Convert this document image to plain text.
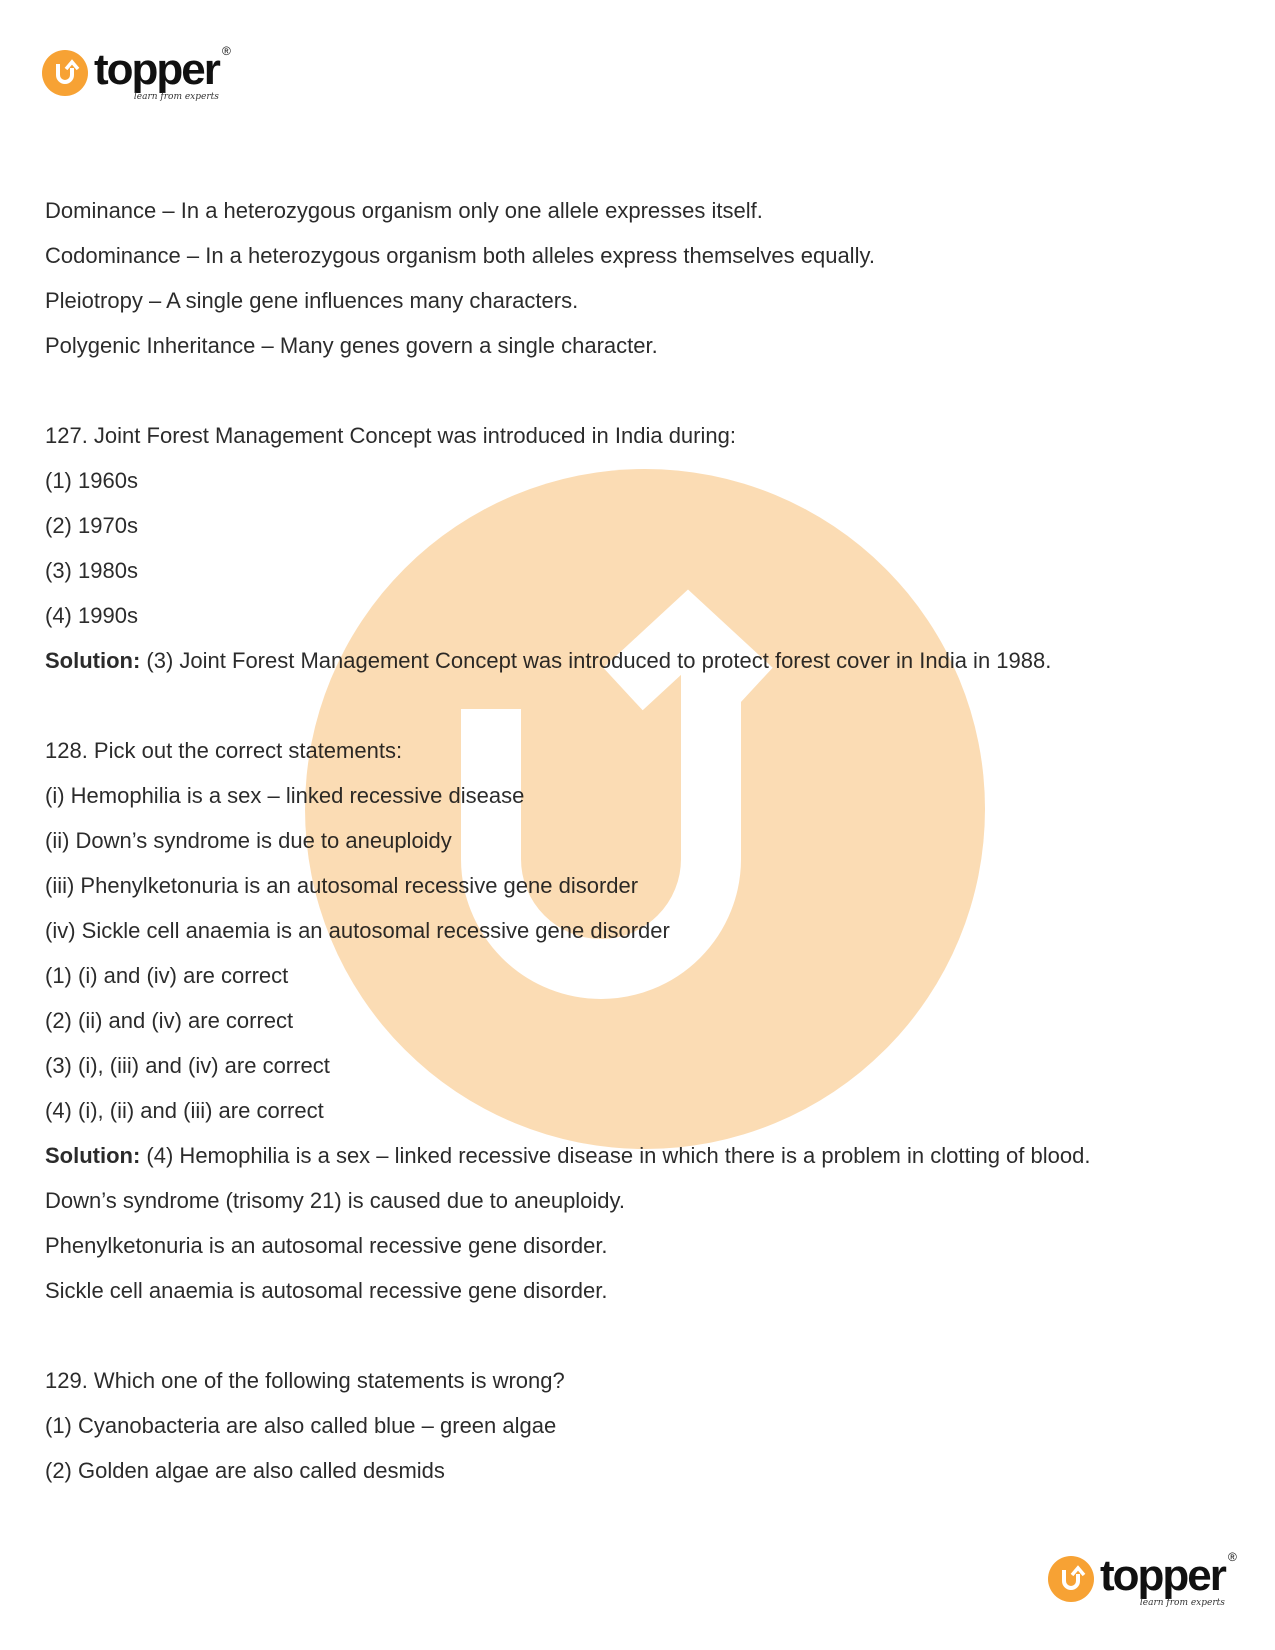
topper ®
learn from experts

Dominance – In a heterozygous organism only one allele expresses itself.

Codominance – In a heterozygous organism both alleles express themselves equally.

Pleiotropy – A single gene influences many characters.

Polygenic Inheritance – Many genes govern a single character.

127. Joint Forest Management Concept was introduced in India during:

(1) 1960s

(2) 1970s

(3) 1980s

(4) 1990s

Solution: (3) Joint Forest Management Concept was introduced to protect forest cover in India in 1988.

128. Pick out the correct statements:

(i) Hemophilia is a sex – linked recessive disease

(ii) Down’s syndrome is due to aneuploidy

(iii) Phenylketonuria is an autosomal recessive gene disorder

(iv) Sickle cell anaemia is an autosomal recessive gene disorder

(1) (i) and (iv) are correct

(2) (ii) and (iv) are correct

(3) (i), (iii) and (iv) are correct

(4) (i), (ii) and (iii) are correct

Solution: (4) Hemophilia is a sex – linked recessive disease in which there is a problem in clotting of blood.

Down’s syndrome (trisomy 21) is caused due to aneuploidy.

Phenylketonuria is an autosomal recessive gene disorder.

Sickle cell anaemia is autosomal recessive gene disorder.

129. Which one of the following statements is wrong?

(1) Cyanobacteria are also called blue – green algae

(2) Golden algae are also called desmids

topper ®
learn from experts
